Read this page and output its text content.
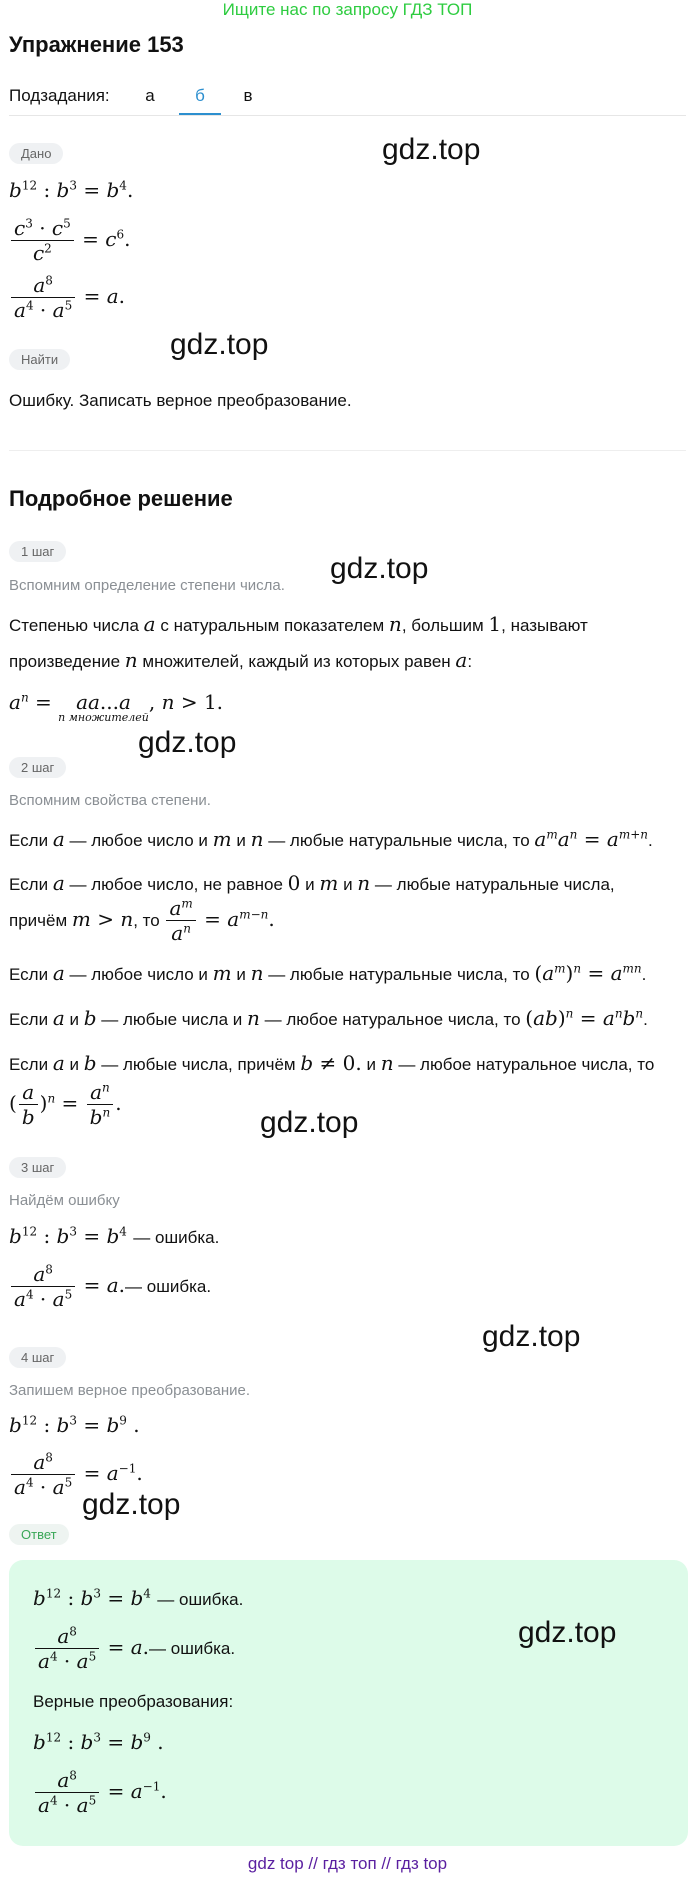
Ищите нас по запросу ГДЗ ТОП
Упражнение 153
Подзадания:	а	б	в
Дано
$b^{12}$ : $b^3 = b^4$.
$\frac{c^3 \cdot c^5}{c^2} = c^6$.
$\frac{a^8}{a^4 \cdot a^5} = a$.
Найти
Ошибку. Записать верное преобразование.
Подробное решение
1 шаг
Вспомним определение степени числа.
Степенью числа a с натуральным показателем n, большим 1, называют
произведение n множителей, каждый из которых равен a:
$a^n = aa...a$
n множителей
, n > 1.
2 шаг
Вспомним свойства степени.
Если a — любое число и m и n — любые натуральные числа, то $a^ma^n = a^{m+n}$.
Если a — любое число, не равное 0 и m и n — любые натуральные числа,
причём m > n, то $\frac{a^m}{a^n} = a^{m-n}$.
Если a — любое число и m и n — любые натуральные числа, то $(a^m)^n = a^{mn}$.
Если a и b — любые числа и n — любое натуральное числа, то $(ab)^n = a^nb^n$.
Если a и b — любые числа, причём b ≠ 0. и n — любое натуральное числа, то
( $\frac{a}{b} )^n = \frac{a^n}{b^n}$ .
3 шаг
Найдём ошибку
$b^{12}$ : $b^3 = b^4$ — ошибка.
$\frac{a^8}{a^4 \cdot a^5}$ = a.— ошибка.
4 шаг
Запишем верное преобразование.
$b^{12}$ : $b^3 = b^9$ .
$\frac{a^8}{a^4 \cdot a^5} = a^{-1}$.
Ответ
$b^{12}$ : $b^3 = b^4$ — ошибка.
$\frac{a^8}{a^4 \cdot a^5}$ = a.— ошибка.
Верные преобразования:
$b^{12}$ : $b^3 = b^9$ .
$\frac{a^8}{a^4 \cdot a^5} = a^{-1}$.
gdz.top
gdz.top
gdz.top
gdz.top
gdz.top
gdz.top
gdz.top
gdz.top
gdz top // гдз топ // гдз top
